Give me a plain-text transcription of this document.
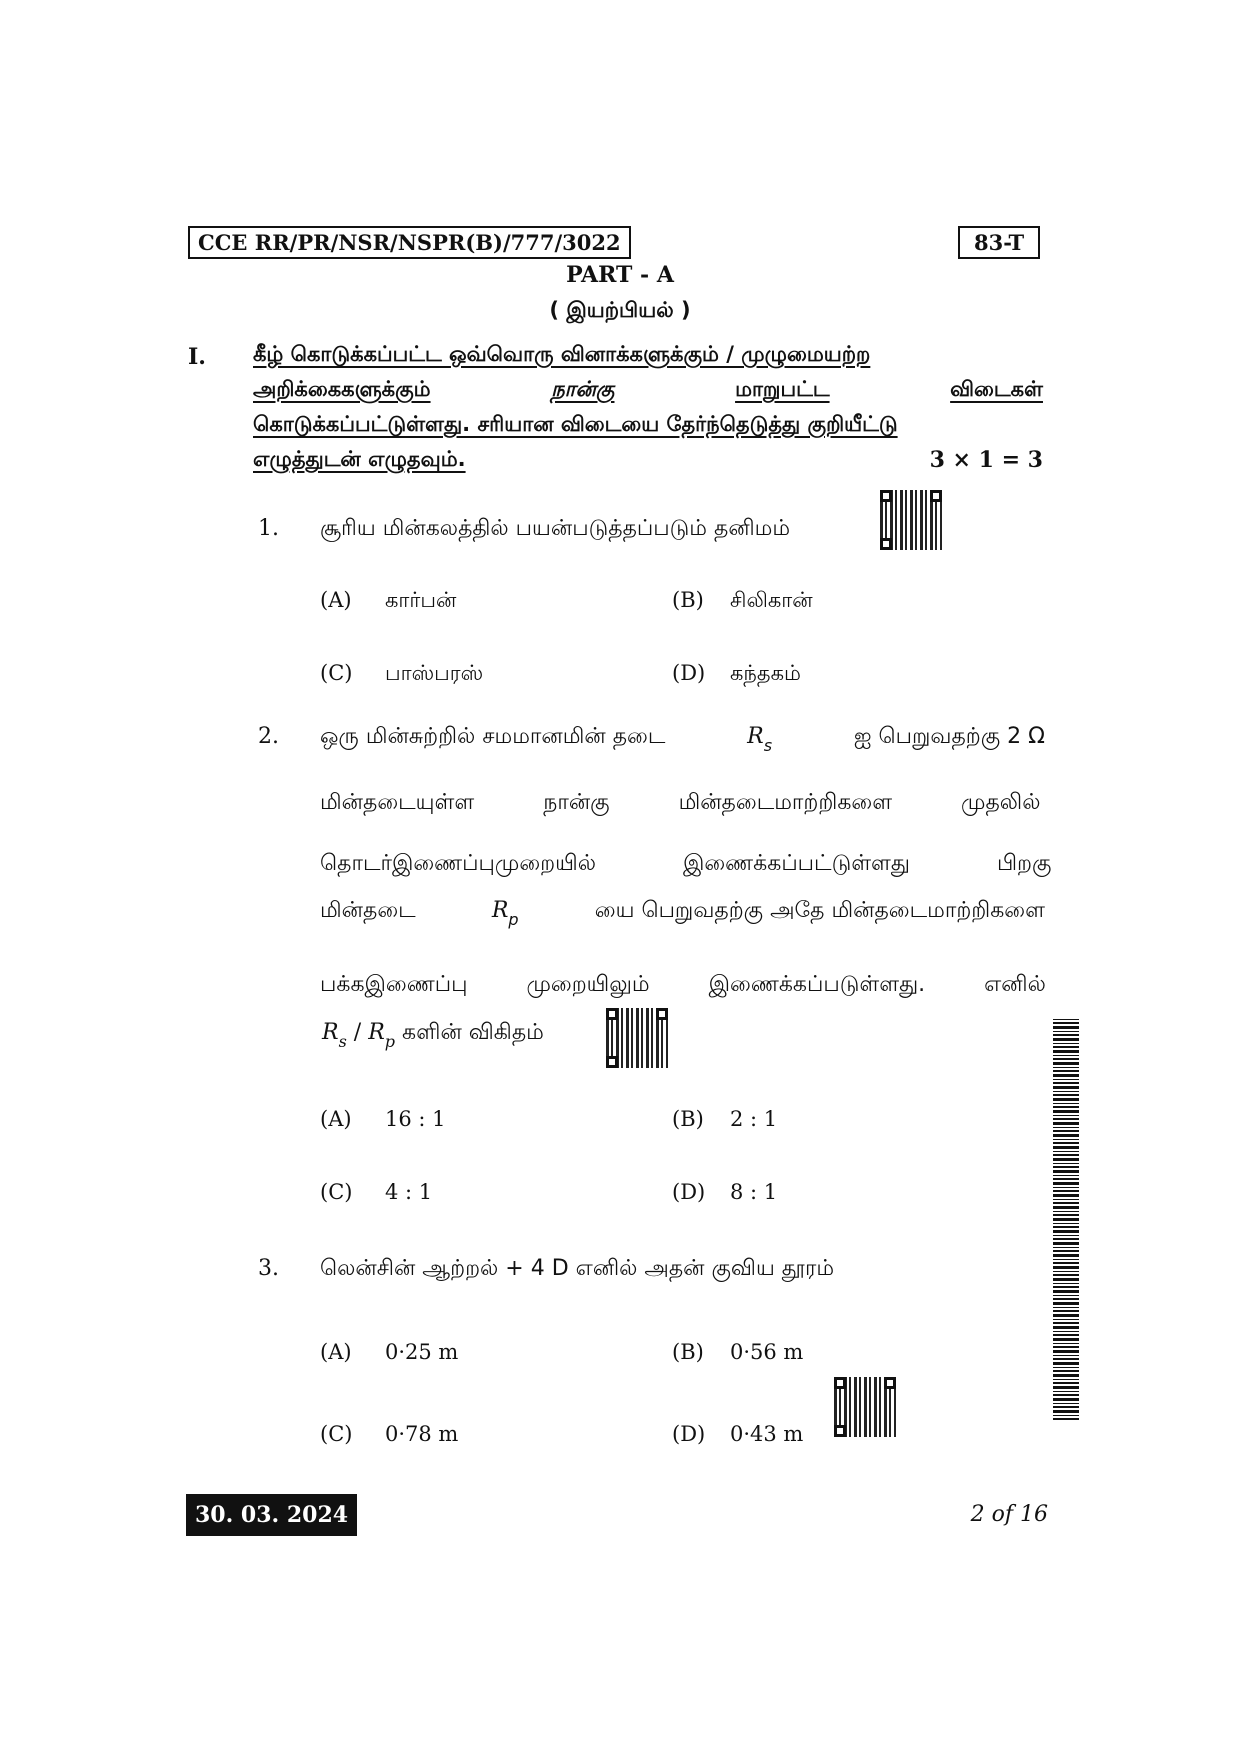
CCE RR/PR/NSR/NSPR(B)/777/3022	83-T
PART - A
( இயற்பியல் )
I. கீழ் கொடுக்கப்பட்ட ஒவ்வொரு வினாக்களுக்கும் / முழுமையற்ற
அறிக்கைகளுக்கும்	நான்கு	மாறுபட்ட	விடைகள்
கொடுக்கப்பட்டுள்ளது. சரியான விடையை தேர்ந்தெடுத்து குறியீட்டு
எழுத்துடன் எழுதவும்.	3 × 1 = 3
1. சூரிய மின்கலத்தில் பயன்படுத்தப்படும் தனிமம்
(A) கார்பன்	(B) சிலிகான்
(C) பாஸ்பரஸ்	(D) கந்தகம்
2. ஒரு மின்சுற்றில் சமமானமின் தடை	$R_s$	ஐ பெறுவதற்கு 2 Ω
மின்தடையுள்ள நான்கு மின்தடைமாற்றிகளை முதலில்
தொடர்இணைப்புமுறையில் இணைக்கப்பட்டுள்ளது பிறகு
மின்தடை	$R_p$	யை பெறுவதற்கு அதே மின்தடைமாற்றிகளை
பக்கஇணைப்பு முறையிலும் இணைக்கப்படுள்ளது. எனில்
$R_s / R_p$ களின் விகிதம்
(A) 16 : 1	(B) 2 : 1
(C) 4 : 1	(D) 8 : 1
3. லென்சின் ஆற்றல் + 4 D எனில் அதன் குவிய தூரம்
(A) 0·25 m	(B) 0·56 m
(C) 0·78 m	(D) 0·43 m
30. 03. 2024	2 of 16
